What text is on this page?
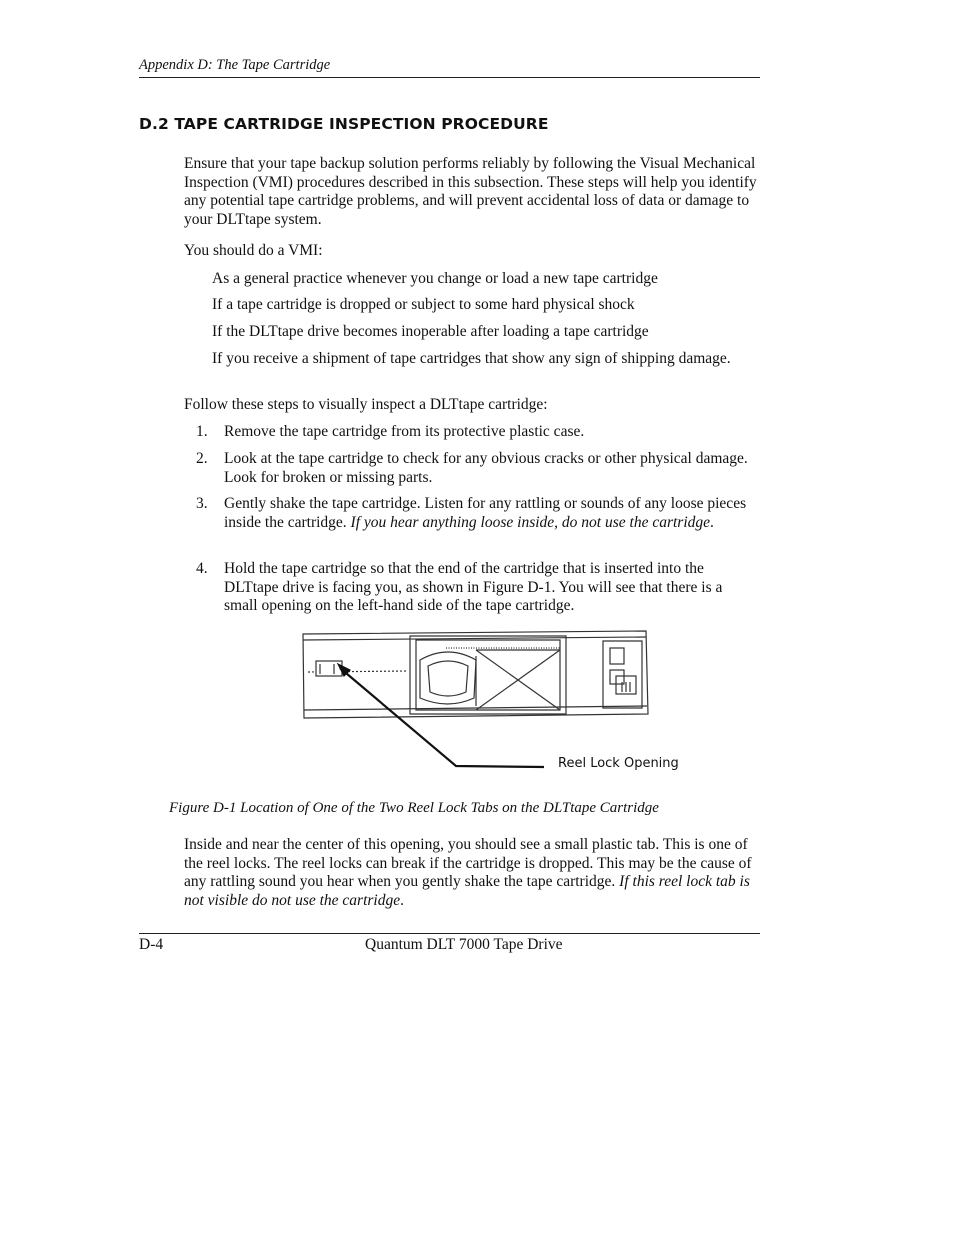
Appendix D: The Tape Cartridge
D.2 TAPE CARTRIDGE INSPECTION PROCEDURE

Ensure that your tape backup solution performs reliably by following the Visual Mechanical Inspection (VMI) procedures described in this subsection. These steps will help you identify any potential tape cartridge problems, and will prevent accidental loss of data or damage to your DLTtape system.

You should do a VMI:

As a general practice whenever you change or load a new tape cartridge

If a tape cartridge is dropped or subject to some hard physical shock

If the DLTtape drive becomes inoperable after loading a tape cartridge

If you receive a shipment of tape cartridges that show any sign of shipping damage.

Follow these steps to visually inspect a DLTtape cartridge:

1. Remove the tape cartridge from its protective plastic case.
2. Look at the tape cartridge to check for any obvious cracks or other physical damage. Look for broken or missing parts.
3. Gently shake the tape cartridge. Listen for any rattling or sounds of any loose pieces inside the cartridge. If you hear anything loose inside, do not use the cartridge.
4. Hold the tape cartridge so that the end of the cartridge that is inserted into the DLTtape drive is facing you, as shown in Figure D-1. You will see that there is a small opening on the left-hand side of the tape cartridge.
Reel Lock Opening
Figure D-1 Location of One of the Two Reel Lock Tabs on the DLTtape Cartridge

Inside and near the center of this opening, you should see a small plastic tab. This is one of the reel locks. The reel locks can break if the cartridge is dropped. This may be the cause of any rattling sound you hear when you gently shake the tape cartridge. If this reel lock tab is not visible do not use the cartridge.

D-4	Quantum DLT 7000 Tape Drive
